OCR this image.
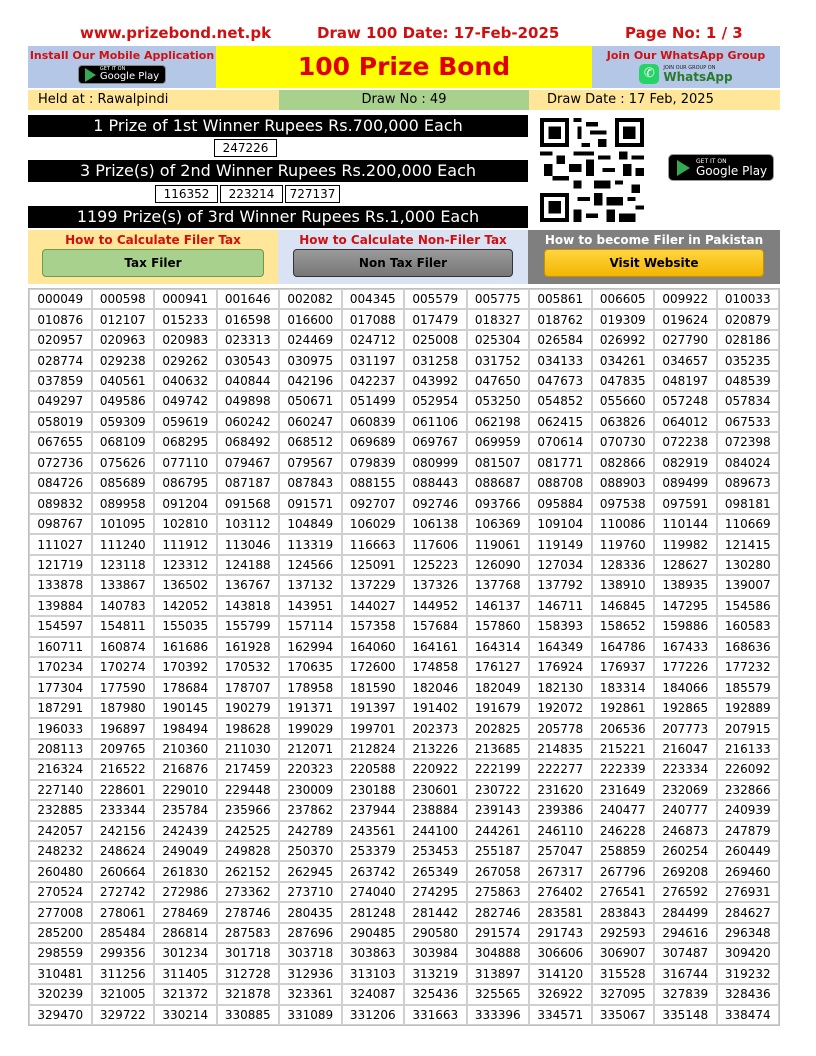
www.prizebond.net.pk	Draw 100 Date: 17-Feb-2025	Page No: 1 / 3
Install Our Mobile Application
GET IT ON
Google Play	100 Prize Bond	Join Our WhatsApp Group
✆	JOIN OUR GROUP ON
WhatsApp
Held at : Rawalpindi	Draw No : 49	Draw Date : 17 Feb, 2025
1 Prize of 1st Winner Rupees Rs.700,000 Each
247226
3 Prize(s) of 2nd Winner Rupees Rs.200,000 Each
116352	223214	727137
1199 Prize(s) of 3rd Winner Rupees Rs.1,000 Each
GET IT ON
Google Play
How to Calculate Filer Tax
Tax Filer
How to Calculate Non-Filer Tax
Non Tax Filer
How to become Filer in Pakistan
Visit Website
000049	000598	000941	001646	002082	004345	005579	005775	005861	006605	009922	010033
010876	012107	015233	016598	016600	017088	017479	018327	018762	019309	019624	020879
020957	020963	020983	023313	024469	024712	025008	025304	026584	026992	027790	028186
028774	029238	029262	030543	030975	031197	031258	031752	034133	034261	034657	035235
037859	040561	040632	040844	042196	042237	043992	047650	047673	047835	048197	048539
049297	049586	049742	049898	050671	051499	052954	053250	054852	055660	057248	057834
058019	059309	059619	060242	060247	060839	061106	062198	062415	063826	064012	067533
067655	068109	068295	068492	068512	069689	069767	069959	070614	070730	072238	072398
072736	075626	077110	079467	079567	079839	080999	081507	081771	082866	082919	084024
084726	085689	086795	087187	087843	088155	088443	088687	088708	088903	089499	089673
089832	089958	091204	091568	091571	092707	092746	093766	095884	097538	097591	098181
098767	101095	102810	103112	104849	106029	106138	106369	109104	110086	110144	110669
111027	111240	111912	113046	113319	116663	117606	119061	119149	119760	119982	121415
121719	123118	123312	124188	124566	125091	125223	126090	127034	128336	128627	130280
133878	133867	136502	136767	137132	137229	137326	137768	137792	138910	138935	139007
139884	140783	142052	143818	143951	144027	144952	146137	146711	146845	147295	154586
154597	154811	155035	155799	157114	157358	157684	157860	158393	158652	159886	160583
160711	160874	161686	161928	162994	164060	164161	164314	164349	164786	167433	168636
170234	170274	170392	170532	170635	172600	174858	176127	176924	176937	177226	177232
177304	177590	178684	178707	178958	181590	182046	182049	182130	183314	184066	185579
187291	187980	190145	190279	191371	191397	191402	191679	192072	192861	192865	192889
196033	196897	198494	198628	199029	199701	202373	202825	205778	206536	207773	207915
208113	209765	210360	211030	212071	212824	213226	213685	214835	215221	216047	216133
216324	216522	216876	217459	220323	220588	220922	222199	222277	222339	223334	226092
227140	228601	229010	229448	230009	230188	230601	230722	231620	231649	232069	232866
232885	233344	235784	235966	237862	237944	238884	239143	239386	240477	240777	240939
242057	242156	242439	242525	242789	243561	244100	244261	246110	246228	246873	247879
248232	248624	249049	249828	250370	253379	253453	255187	257047	258859	260254	260449
260480	260664	261830	262152	262945	263742	265349	267058	267317	267796	269208	269460
270524	272742	272986	273362	273710	274040	274295	275863	276402	276541	276592	276931
277008	278061	278469	278746	280435	281248	281442	282746	283581	283843	284499	284627
285200	285484	286814	287583	287696	290485	290580	291574	291743	292593	294616	296348
298559	299356	301234	301718	303718	303863	303984	304888	306606	306907	307487	309420
310481	311256	311405	312728	312936	313103	313219	313897	314120	315528	316744	319232
320239	321005	321372	321878	323361	324087	325436	325565	326922	327095	327839	328436
329470	329722	330214	330885	331089	331206	331663	333396	334571	335067	335148	338474
